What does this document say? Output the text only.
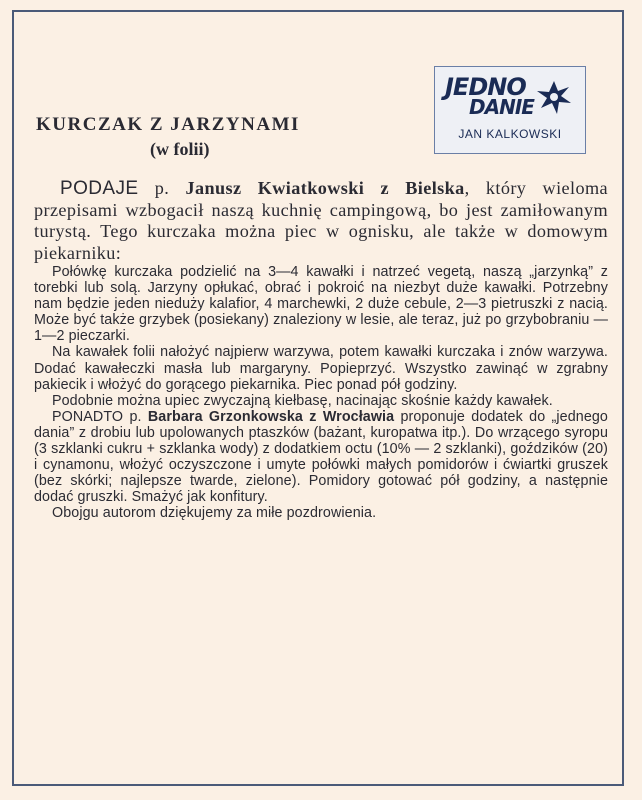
JEDNO
DANIE
JAN KALKOWSKI
KURCZAK Z JARZYNAMI
(w folii)

PODAJE p. Janusz Kwiatkowski z Bielska, który wieloma przepisami wzbogacił naszą kuchnię campingową, bo jest zamiłowanym turystą. Tego kurczaka można piec w ognisku, ale także w domowym piekarniku:

Połówkę kurczaka podzielić na 3—4 kawałki i natrzeć vegetą, naszą „jarzynką” z torebki lub solą. Jarzyny opłukać, obrać i pokroić na niezbyt duże kawałki. Potrzebny nam będzie jeden nieduży kalafior, 4 marchewki, 2 duże cebule, 2—3 pietruszki z nacią. Może być także grzybek (posiekany) znaleziony w lesie, ale teraz, już po grzybobraniu — 1—2 pieczarki.

Na kawałek folii nałożyć najpierw warzywa, potem kawałki kurczaka i znów warzywa. Dodać kawałeczki masła lub margaryny. Popieprzyć. Wszystko zawinąć w zgrabny pakiecik i włożyć do gorącego piekarnika. Piec ponad pół godziny.

Podobnie można upiec zwyczajną kiełbasę, nacinając skośnie każdy kawałek.

PONADTO p. Barbara Grzonkowska z Wrocławia proponuje dodatek do „jednego dania” z drobiu lub upolowanych ptaszków (bażant, kuropatwa itp.). Do wrzącego syropu (3 szklanki cukru + szklanka wody) z dodatkiem octu (10% — 2 szklanki), goździków (20) i cynamonu, włożyć oczyszczone i umyte połówki małych pomidorów i ćwiartki gruszek (bez skórki; najlepsze twarde, zielone). Pomidory gotować pół godziny, a następnie dodać gruszki. Smażyć jak konfitury.

Obojgu autorom dziękujemy za miłe pozdrowienia.
